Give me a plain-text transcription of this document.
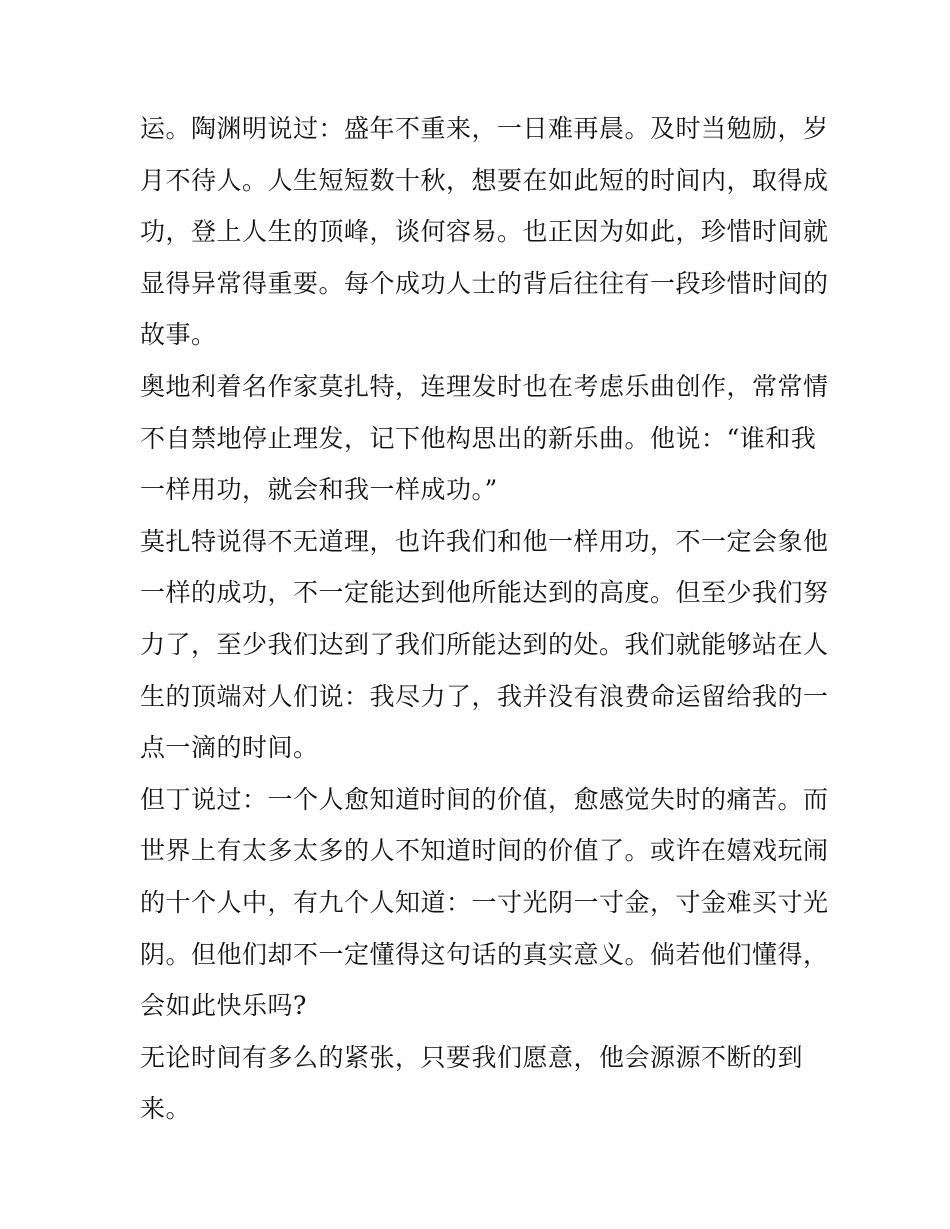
运。陶渊明说过：盛年不重来，一日难再晨。及时当勉励，岁
月不待人。人生短短数十秋，想要在如此短的时间内，取得成
功，登上人生的顶峰，谈何容易。也正因为如此，珍惜时间就
显得异常得重要。每个成功人士的背后往往有一段珍惜时间的
故事。
奥地利着名作家莫扎特，连理发时也在考虑乐曲创作，常常情
不自禁地停止理发，记下他构思出的新乐曲。他说：“谁和我
一样用功，就会和我一样成功。”
莫扎特说得不无道理，也许我们和他一样用功，不一定会象他
一样的成功，不一定能达到他所能达到的高度。但至少我们努
力了，至少我们达到了我们所能达到的处。我们就能够站在人
生的顶端对人们说：我尽力了，我并没有浪费命运留给我的一
点一滴的时间。
但丁说过：一个人愈知道时间的价值，愈感觉失时的痛苦。而
世界上有太多太多的人不知道时间的价值了。或许在嬉戏玩闹
的十个人中，有九个人知道：一寸光阴一寸金，寸金难买寸光
阴。但他们却不一定懂得这句话的真实意义。倘若他们懂得，
会如此快乐吗?
无论时间有多么的紧张，只要我们愿意，他会源源不断的到
来。
